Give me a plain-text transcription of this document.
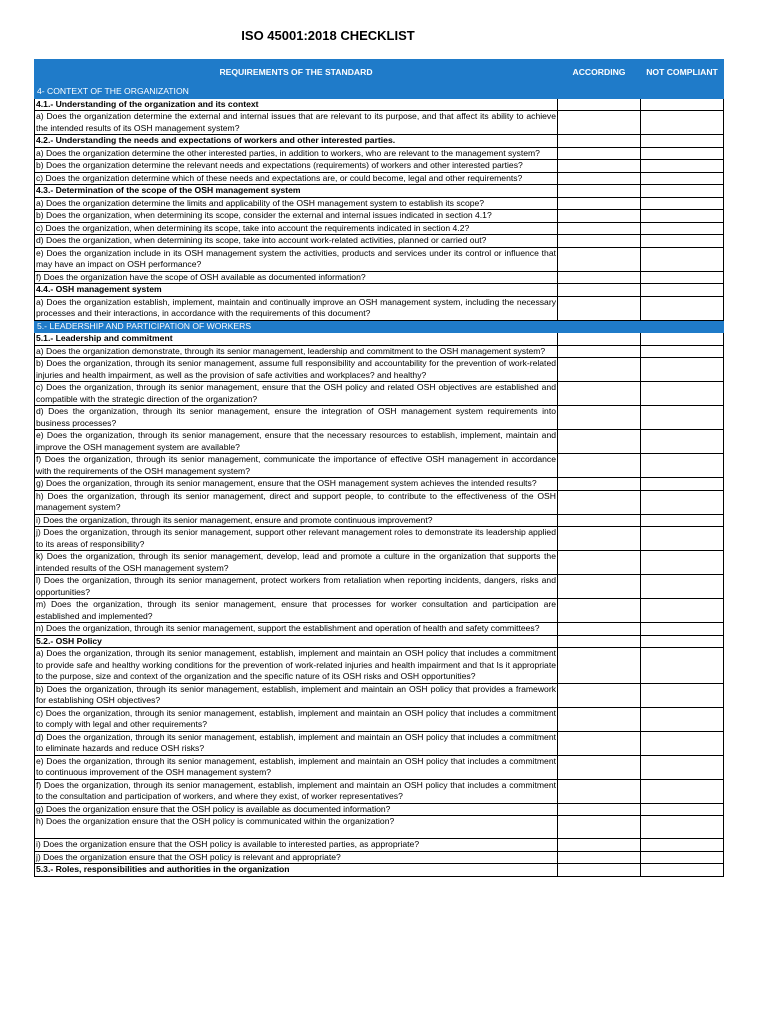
ISO 45001:2018 CHECKLIST
REQUIREMENTS OF THE STANDARD	ACCORDING	NOT COMPLIANT
4- CONTEXT OF THE ORGANIZATION		
4.1.- Understanding of the organization and its context		
a) Does the organization determine the external and internal issues that are relevant to its purpose, and that affect its ability to achieve the intended results of its OSH management system?		
4.2.- Understanding the needs and expectations of workers and other interested parties.		
a) Does the organization determine the other interested parties, in addition to workers, who are relevant to the management system?		
b) Does the organization determine the relevant needs and expectations (requirements) of workers and other interested parties?		
c) Does the organization determine which of these needs and expectations are, or could become, legal and other requirements?		
4.3.- Determination of the scope of the OSH management system		
a) Does the organization determine the limits and applicability of the OSH management system to establish its scope?		
b) Does the organization, when determining its scope, consider the external and internal issues indicated in section 4.1?		
c) Does the organization, when determining its scope, take into account the requirements indicated in section 4.2?		
d) Does the organization, when determining its scope, take into account work-related activities, planned or carried out?		
e) Does the organization include in its OSH management system the activities, products and services under its control or influence that may have an impact on OSH performance?		
f) Does the organization have the scope of OSH available as documented information?		
4.4.- OSH management system		
a) Does the organization establish, implement, maintain and continually improve an OSH management system, including the necessary processes and their interactions, in accordance with the requirements of this document?		
5.- LEADERSHIP AND PARTICIPATION OF WORKERS		
5.1.- Leadership and commitment		
a) Does the organization demonstrate, through its senior management, leadership and commitment to the OSH management system?		
b) Does the organization, through its senior management, assume full responsibility and accountability for the prevention of work-related injuries and health impairment, as well as the provision of safe activities and workplaces? and healthy?		
c) Does the organization, through its senior management, ensure that the OSH policy and related OSH objectives are established and compatible with the strategic direction of the organization?		
d) Does the organization, through its senior management, ensure the integration of OSH management system requirements into business processes?		
e) Does the organization, through its senior management, ensure that the necessary resources to establish, implement, maintain and improve the OSH management system are available?		
f) Does the organization, through its senior management, communicate the importance of effective OSH management in accordance with the requirements of the OSH management system?		
g) Does the organization, through its senior management, ensure that the OSH management system achieves the intended results?		
h) Does the organization, through its senior management, direct and support people, to contribute to the effectiveness of the OSH management system?		
i) Does the organization, through its senior management, ensure and promote continuous improvement?		
j) Does the organization, through its senior management, support other relevant management roles to demonstrate its leadership applied to its areas of responsibility?		
k) Does the organization, through its senior management, develop, lead and promote a culture in the organization that supports the intended results of the OSH management system?		
l) Does the organization, through its senior management, protect workers from retaliation when reporting incidents, dangers, risks and opportunities?		
m) Does the organization, through its senior management, ensure that processes for worker consultation and participation are established and implemented?		
n) Does the organization, through its senior management, support the establishment and operation of health and safety committees?		
5.2.- OSH Policy		
a) Does the organization, through its senior management, establish, implement and maintain an OSH policy that includes a commitment to provide safe and healthy working conditions for the prevention of work-related injuries and health impairment and that Is it appropriate to the purpose, size and context of the organization and the specific nature of its OSH risks and OSH opportunities?		
b) Does the organization, through its senior management, establish, implement and maintain an OSH policy that provides a framework for establishing OSH objectives?		
c) Does the organization, through its senior management, establish, implement and maintain an OSH policy that includes a commitment to comply with legal and other requirements?		
d) Does the organization, through its senior management, establish, implement and maintain an OSH policy that includes a commitment to eliminate hazards and reduce OSH risks?		
e) Does the organization, through its senior management, establish, implement and maintain an OSH policy that includes a commitment to continuous improvement of the OSH management system?		
f) Does the organization, through its senior management, establish, implement and maintain an OSH policy that includes a commitment to the consultation and participation of workers, and where they exist, of worker representatives?		
g) Does the organization ensure that the OSH policy is available as documented information?		
h) Does the organization ensure that the OSH policy is communicated within the organization?		
i) Does the organization ensure that the OSH policy is available to interested parties, as appropriate?		
j) Does the organization ensure that the OSH policy is relevant and appropriate?		
5.3.- Roles, responsibilities and authorities in the organization		
